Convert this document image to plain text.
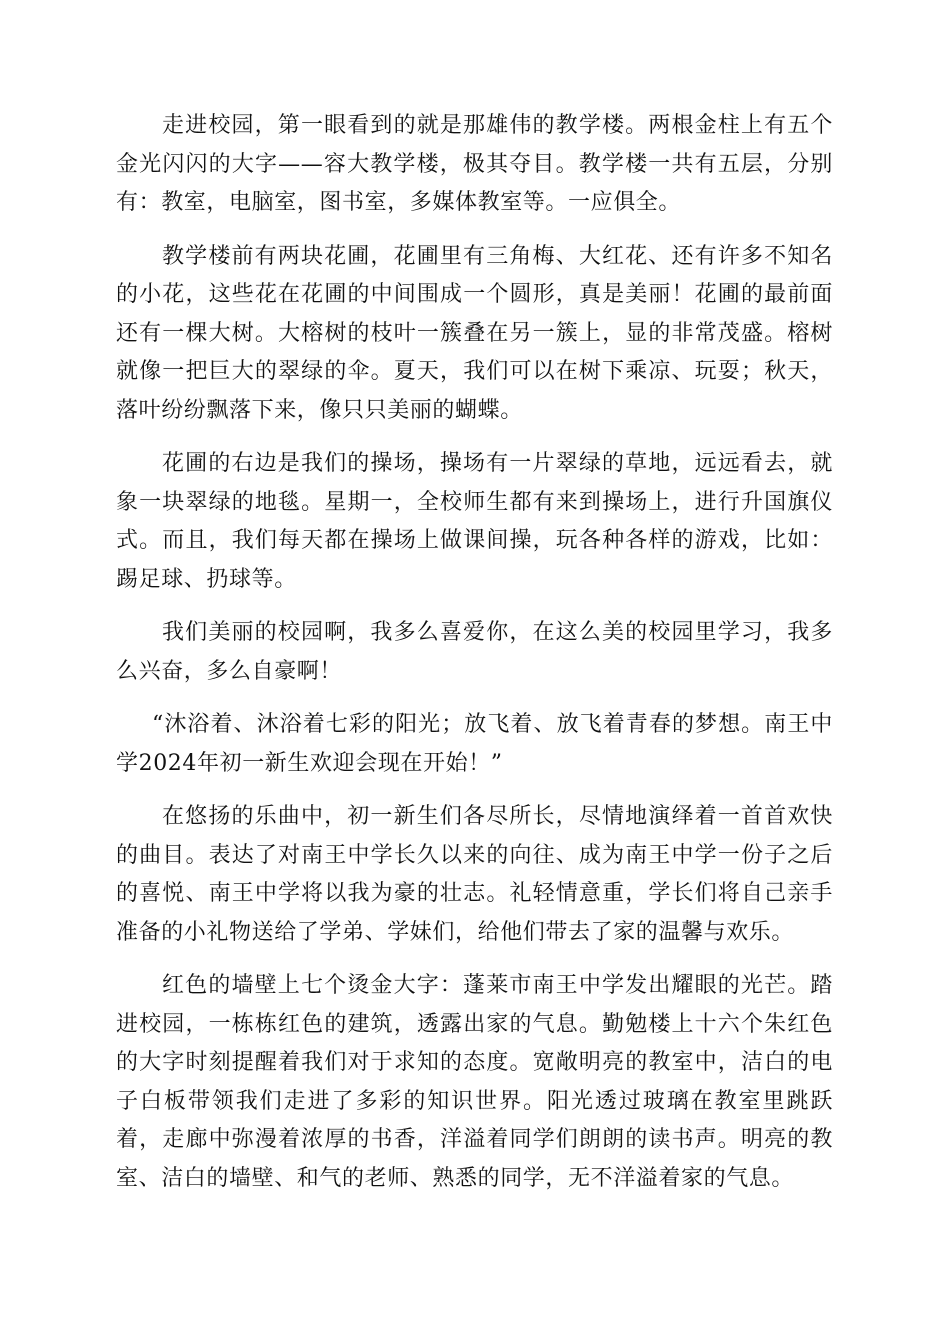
走进校园，第一眼看到的就是那雄伟的教学楼。两根金柱上有五个金光闪闪的大字——容大教学楼，极其夺目。教学楼一共有五层，分别有：教室，电脑室，图书室，多媒体教室等。一应俱全。

教学楼前有两块花圃，花圃里有三角梅、大红花、还有许多不知名的小花，这些花在花圃的中间围成一个圆形，真是美丽！花圃的最前面还有一棵大树。大榕树的枝叶一簇叠在另一簇上，显的非常茂盛。榕树就像一把巨大的翠绿的伞。夏天，我们可以在树下乘凉、玩耍；秋天，落叶纷纷飘落下来，像只只美丽的蝴蝶。

花圃的右边是我们的操场，操场有一片翠绿的草地，远远看去，就象一块翠绿的地毯。星期一，全校师生都有来到操场上，进行升国旗仪式。而且，我们每天都在操场上做课间操，玩各种各样的游戏，比如：踢足球、扔球等。

我们美丽的校园啊，我多么喜爱你，在这么美的校园里学习，我多么兴奋，多么自豪啊！

“沐浴着、沐浴着七彩的阳光；放飞着、放飞着青春的梦想。南王中学2024年初一新生欢迎会现在开始！”

在悠扬的乐曲中，初一新生们各尽所长，尽情地演绎着一首首欢快的曲目。表达了对南王中学长久以来的向往、成为南王中学一份子之后的喜悦、南王中学将以我为豪的壮志。礼轻情意重，学长们将自己亲手准备的小礼物送给了学弟、学妹们，给他们带去了家的温馨与欢乐。

红色的墙壁上七个烫金大字：蓬莱市南王中学发出耀眼的光芒。踏进校园，一栋栋红色的建筑，透露出家的气息。勤勉楼上十六个朱红色的大字时刻提醒着我们对于求知的态度。宽敞明亮的教室中，洁白的电子白板带领我们走进了多彩的知识世界。阳光透过玻璃在教室里跳跃着，走廊中弥漫着浓厚的书香，洋溢着同学们朗朗的读书声。明亮的教室、洁白的墙壁、和气的老师、熟悉的同学，无不洋溢着家的气息。
